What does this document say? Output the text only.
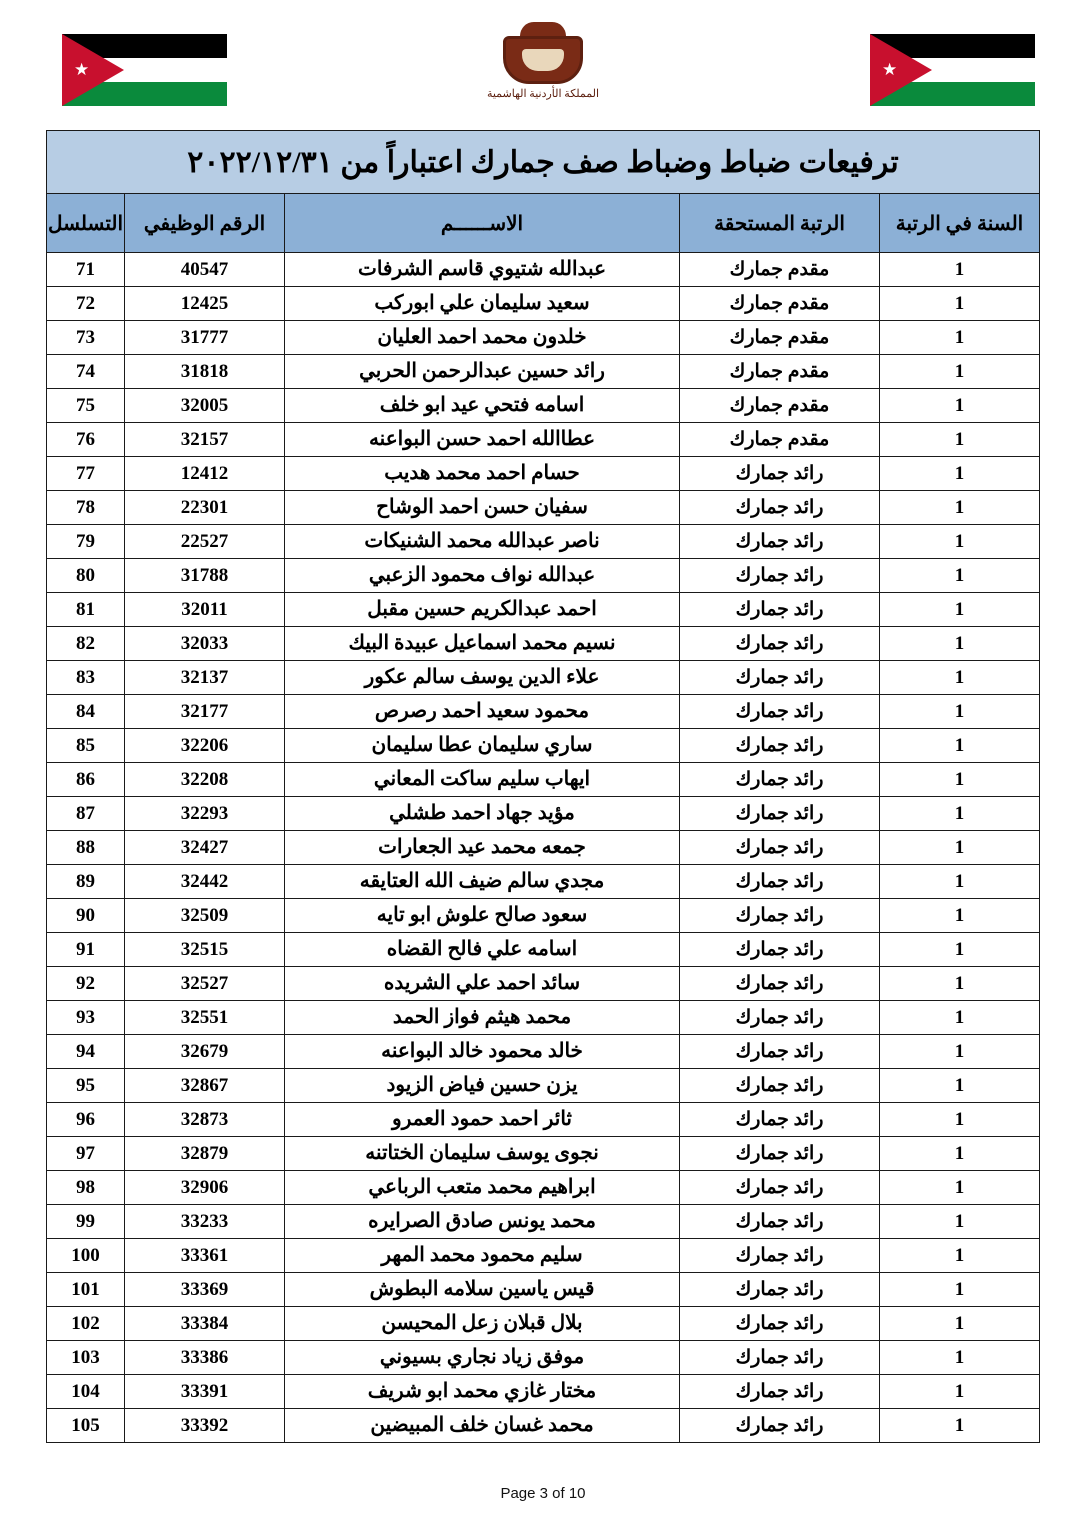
★
المملكة الأردنية الهاشمية
★
ترفيعات ضباط وضباط صف جمارك اعتباراً من ٢٠٢٢/١٢/٣١				
السنة في الرتبة	الرتبة المستحقة	الاســــــم	الرقم الوظيفي	التسلسل
1	مقدم جمارك	عبدالله شتيوي قاسم الشرفات	40547	71
1	مقدم جمارك	سعيد سليمان علي ابوركب	12425	72
1	مقدم جمارك	خلدون محمد احمد العليان	31777	73
1	مقدم جمارك	رائد حسين عبدالرحمن الحربي	31818	74
1	مقدم جمارك	اسامه فتحي عيد ابو خلف	32005	75
1	مقدم جمارك	عطاالله احمد حسن البواعنه	32157	76
1	رائد جمارك	حسام احمد محمد هديب	12412	77
1	رائد جمارك	سفيان حسن احمد الوشاح	22301	78
1	رائد جمارك	ناصر عبدالله محمد الشنيكات	22527	79
1	رائد جمارك	عبدالله نواف محمود الزعبي	31788	80
1	رائد جمارك	احمد عبدالكريم حسين مقبل	32011	81
1	رائد جمارك	نسيم محمد اسماعيل عبيدة البيك	32033	82
1	رائد جمارك	علاء الدين يوسف سالم عكور	32137	83
1	رائد جمارك	محمود سعيد احمد رصرص	32177	84
1	رائد جمارك	ساري سليمان عطا سليمان	32206	85
1	رائد جمارك	ايهاب سليم ساكت المعاني	32208	86
1	رائد جمارك	مؤيد جهاد احمد طشلي	32293	87
1	رائد جمارك	جمعه محمد عيد الجعارات	32427	88
1	رائد جمارك	مجدي سالم ضيف الله العتايقه	32442	89
1	رائد جمارك	سعود صالح علوش ابو تايه	32509	90
1	رائد جمارك	اسامه علي فالح القضاه	32515	91
1	رائد جمارك	سائد احمد علي الشريده	32527	92
1	رائد جمارك	محمد هيثم فواز الحمد	32551	93
1	رائد جمارك	خالد محمود خالد البواعنه	32679	94
1	رائد جمارك	يزن حسين فياض الزيود	32867	95
1	رائد جمارك	ثائر احمد حمود العمرو	32873	96
1	رائد جمارك	نجوى يوسف سليمان الختاتنه	32879	97
1	رائد جمارك	ابراهيم محمد متعب الرباعي	32906	98
1	رائد جمارك	محمد يونس صادق الصرايره	33233	99
1	رائد جمارك	سليم محمود محمد المهر	33361	100
1	رائد جمارك	قيس ياسين سلامه البطوش	33369	101
1	رائد جمارك	بلال قبلان زعل المحيسن	33384	102
1	رائد جمارك	موفق زياد نجاري بسيوني	33386	103
1	رائد جمارك	مختار غازي محمد ابو شريف	33391	104
1	رائد جمارك	محمد غسان خلف المبيضين	33392	105
Page 3 of 10
